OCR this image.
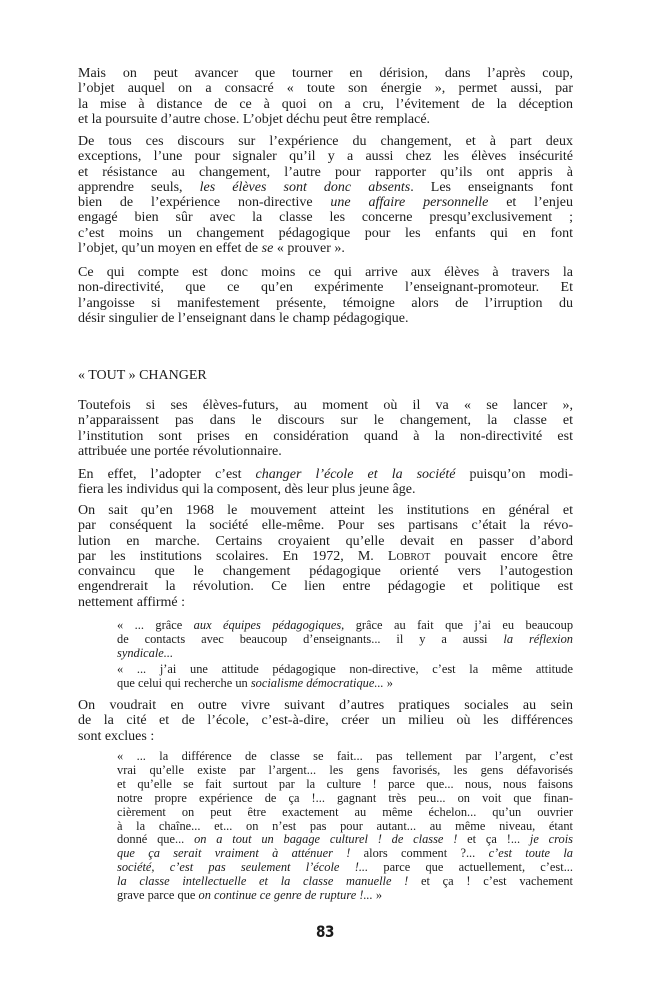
Mais on peut avancer que tourner en dérision, dans l’après coup,
l’objet auquel on a consacré « toute son énergie », permet aussi, par
la mise à distance de ce à quoi on a cru, l’évitement de la déception
et la poursuite d’autre chose. L’objet déchu peut être remplacé.
De tous ces discours sur l’expérience du changement, et à part deux
exceptions, l’une pour signaler qu’il y a aussi chez les élèves insécurité
et résistance au changement, l’autre pour rapporter qu’ils ont appris à
apprendre seuls, les élèves sont donc absents. Les enseignants font
bien de l’expérience non-directive une affaire personnelle et l’enjeu
engagé bien sûr avec la classe les concerne presqu’exclusivement ;
c’est moins un changement pédagogique pour les enfants qui en font
l’objet, qu’un moyen en effet de se « prouver ».
Ce qui compte est donc moins ce qui arrive aux élèves à travers la
non-directivité, que ce qu’en expérimente l’enseignant-promoteur. Et
l’angoisse si manifestement présente, témoigne alors de l’irruption du
désir singulier de l’enseignant dans le champ pédagogique.
« TOUT » CHANGER
Toutefois si ses élèves-futurs, au moment où il va « se lancer »,
n’apparaissent pas dans le discours sur le changement, la classe et
l’institution sont prises en considération quand à la non-directivité est
attribuée une portée révolutionnaire.
En effet, l’adopter c’est changer l’école et la société puisqu’on modi-
fiera les individus qui la composent, dès leur plus jeune âge.
On sait qu’en 1968 le mouvement atteint les institutions en général et
par conséquent la société elle-même. Pour ses partisans c’était la révo-
lution en marche. Certains croyaient qu’elle devait en passer d’abord
par les institutions scolaires. En 1972, M. Lobrot pouvait encore être
convaincu que le changement pédagogique orienté vers l’autogestion
engendrerait la révolution. Ce lien entre pédagogie et politique est
nettement affirmé :
« ... grâce aux équipes pédagogiques, grâce au fait que j’ai eu beaucoup
de contacts avec beaucoup d’enseignants... il y a aussi la réflexion
syndicale...
« ... j’ai une attitude pédagogique non-directive, c’est la même attitude
que celui qui recherche un socialisme démocratique... »
On voudrait en outre vivre suivant d’autres pratiques sociales au sein
de la cité et de l’école, c’est-à-dire, créer un milieu où les différences
sont exclues :
« ... la différence de classe se fait... pas tellement par l’argent, c’est
vrai qu’elle existe par l’argent... les gens favorisés, les gens défavorisés
et qu’elle se fait surtout par la culture ! parce que... nous, nous faisons
notre propre expérience de ça !... gagnant très peu... on voit que finan-
cièrement on peut être exactement au même échelon... qu’un ouvrier
à la chaîne... et... on n’est pas pour autant... au même niveau, étant
donné que... on a tout un bagage culturel ! de classe ! et ça !... je crois
que ça serait vraiment à atténuer ! alors comment ?... c’est toute la
société, c’est pas seulement l’école !... parce que actuellement, c’est...
la classe intellectuelle et la classe manuelle ! et ça ! c’est vachement
grave parce que on continue ce genre de rupture !... »
83
